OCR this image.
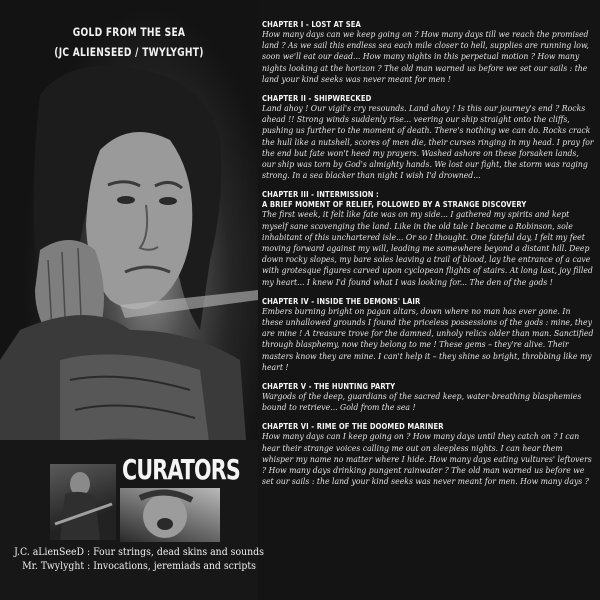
GOLD FROM THE SEA
(JC ALIENSEED / TWYLYGHT)
CURATORS
J.C. aLienSeeD : Four strings, dead skins and sounds
Mr. Twylyght : Invocations, jeremiads and scripts
CHAPTER I - LOST AT SEA
How many days can we keep going on ? How many days till we reach the promised land ? As we sail this endless sea each mile closer to hell, supplies are running low, soon we'll eat our dead... How many nights in this perpetual motion ? How many nights looking at the horizon ? The old man warned us before we set our sails : the land your kind seeks was never meant for men !
CHAPTER II - SHIPWRECKED
Land ahoy ! Our vigil's cry resounds. Land ahoy ! Is this our journey's end ? Rocks ahead !! Strong winds suddenly rise... veering our ship straight onto the cliffs, pushing us further to the moment of death. There's nothing we can do. Rocks crack the hull like a nutshell, scores of men die, their curses ringing in my head. I pray for the end but fate won't heed my prayers. Washed ashore on these forsaken lands, our ship was torn by God's almighty hands. We lost our fight, the storm was raging strong. In a sea blacker than night I wish I'd drowned...
CHAPTER III - INTERMISSION :
A BRIEF MOMENT OF RELIEF, FOLLOWED BY A STRANGE DISCOVERY
The first week, it felt like fate was on my side... I gathered my spirits and kept myself sane scavenging the land. Like in the old tale I became a Robinson, sole inhabitant of this unchartered isle... Or so I thought. One fateful day, I felt my feet moving forward against my will, leading me somewhere beyond a distant hill. Deep down rocky slopes, my bare soles leaving a trail of blood, lay the entrance of a cave with grotesque figures carved upon cyclopean flights of stairs. At long last, joy filled my heart... I knew I'd found what I was looking for... The den of the gods !
CHAPTER IV - INSIDE THE DEMONS' LAIR
Embers burning bright on pagan altars, down where no man has ever gone. In these unhallowed grounds I found the priceless possessions of the gods : mine, they are mine ! A treasure trove for the damned, unholy relics older than man. Sanctified through blasphemy, now they belong to me ! These gems – they're alive. Their masters know they are mine. I can't help it – they shine so bright, throbbing like my heart !
CHAPTER V - THE HUNTING PARTY
Wargods of the deep, guardians of the sacred keep, water-breathing blasphemies bound to retrieve... Gold from the sea !
CHAPTER VI - RIME OF THE DOOMED MARINER
How many days can I keep going on ? How many days until they catch on ? I can hear their strange voices calling me out on sleepless nights. I can hear them whisper my name no matter where I hide. How many days eating vultures' leftovers ? How many days drinking pungent rainwater ? The old man warned us before we set our sails : the land your kind seeks was never meant for men. How many days ?
